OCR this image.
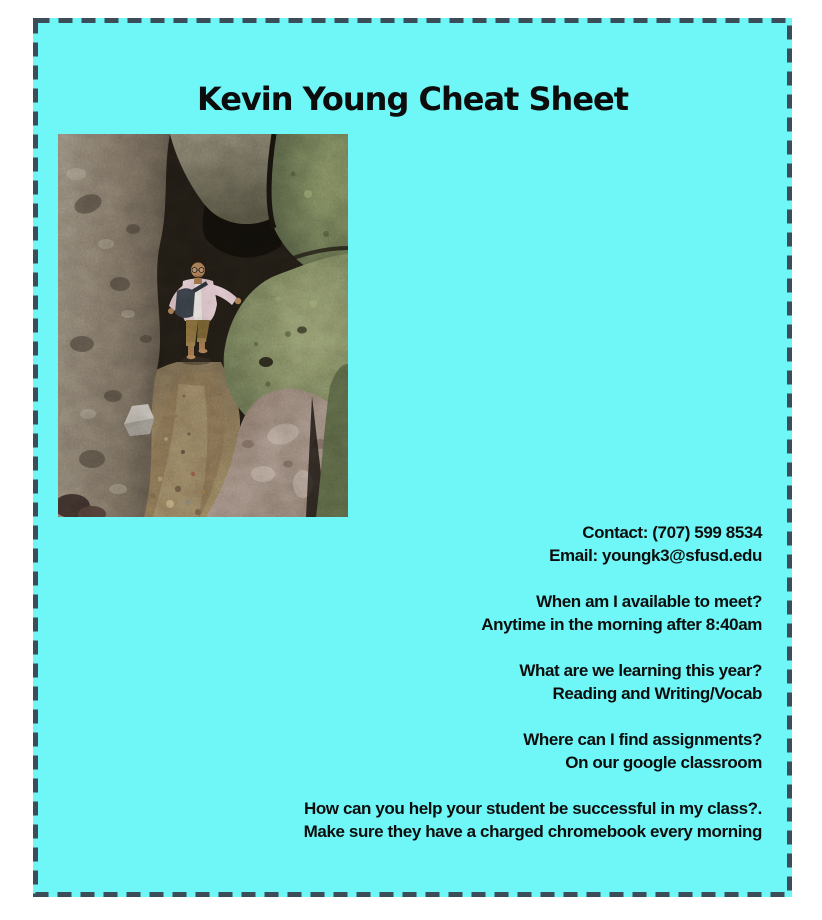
Kevin Young Cheat Sheet

Contact: (707) 599 8534

Email: youngk3@sfusd.edu

When am I available to meet?

Anytime in the morning after 8:40am

What are we learning this year?

Reading and Writing/Vocab

Where can I find assignments?

On our google classroom

How can you help your student be successful in my class?.

Make sure they have a charged chromebook every morning
